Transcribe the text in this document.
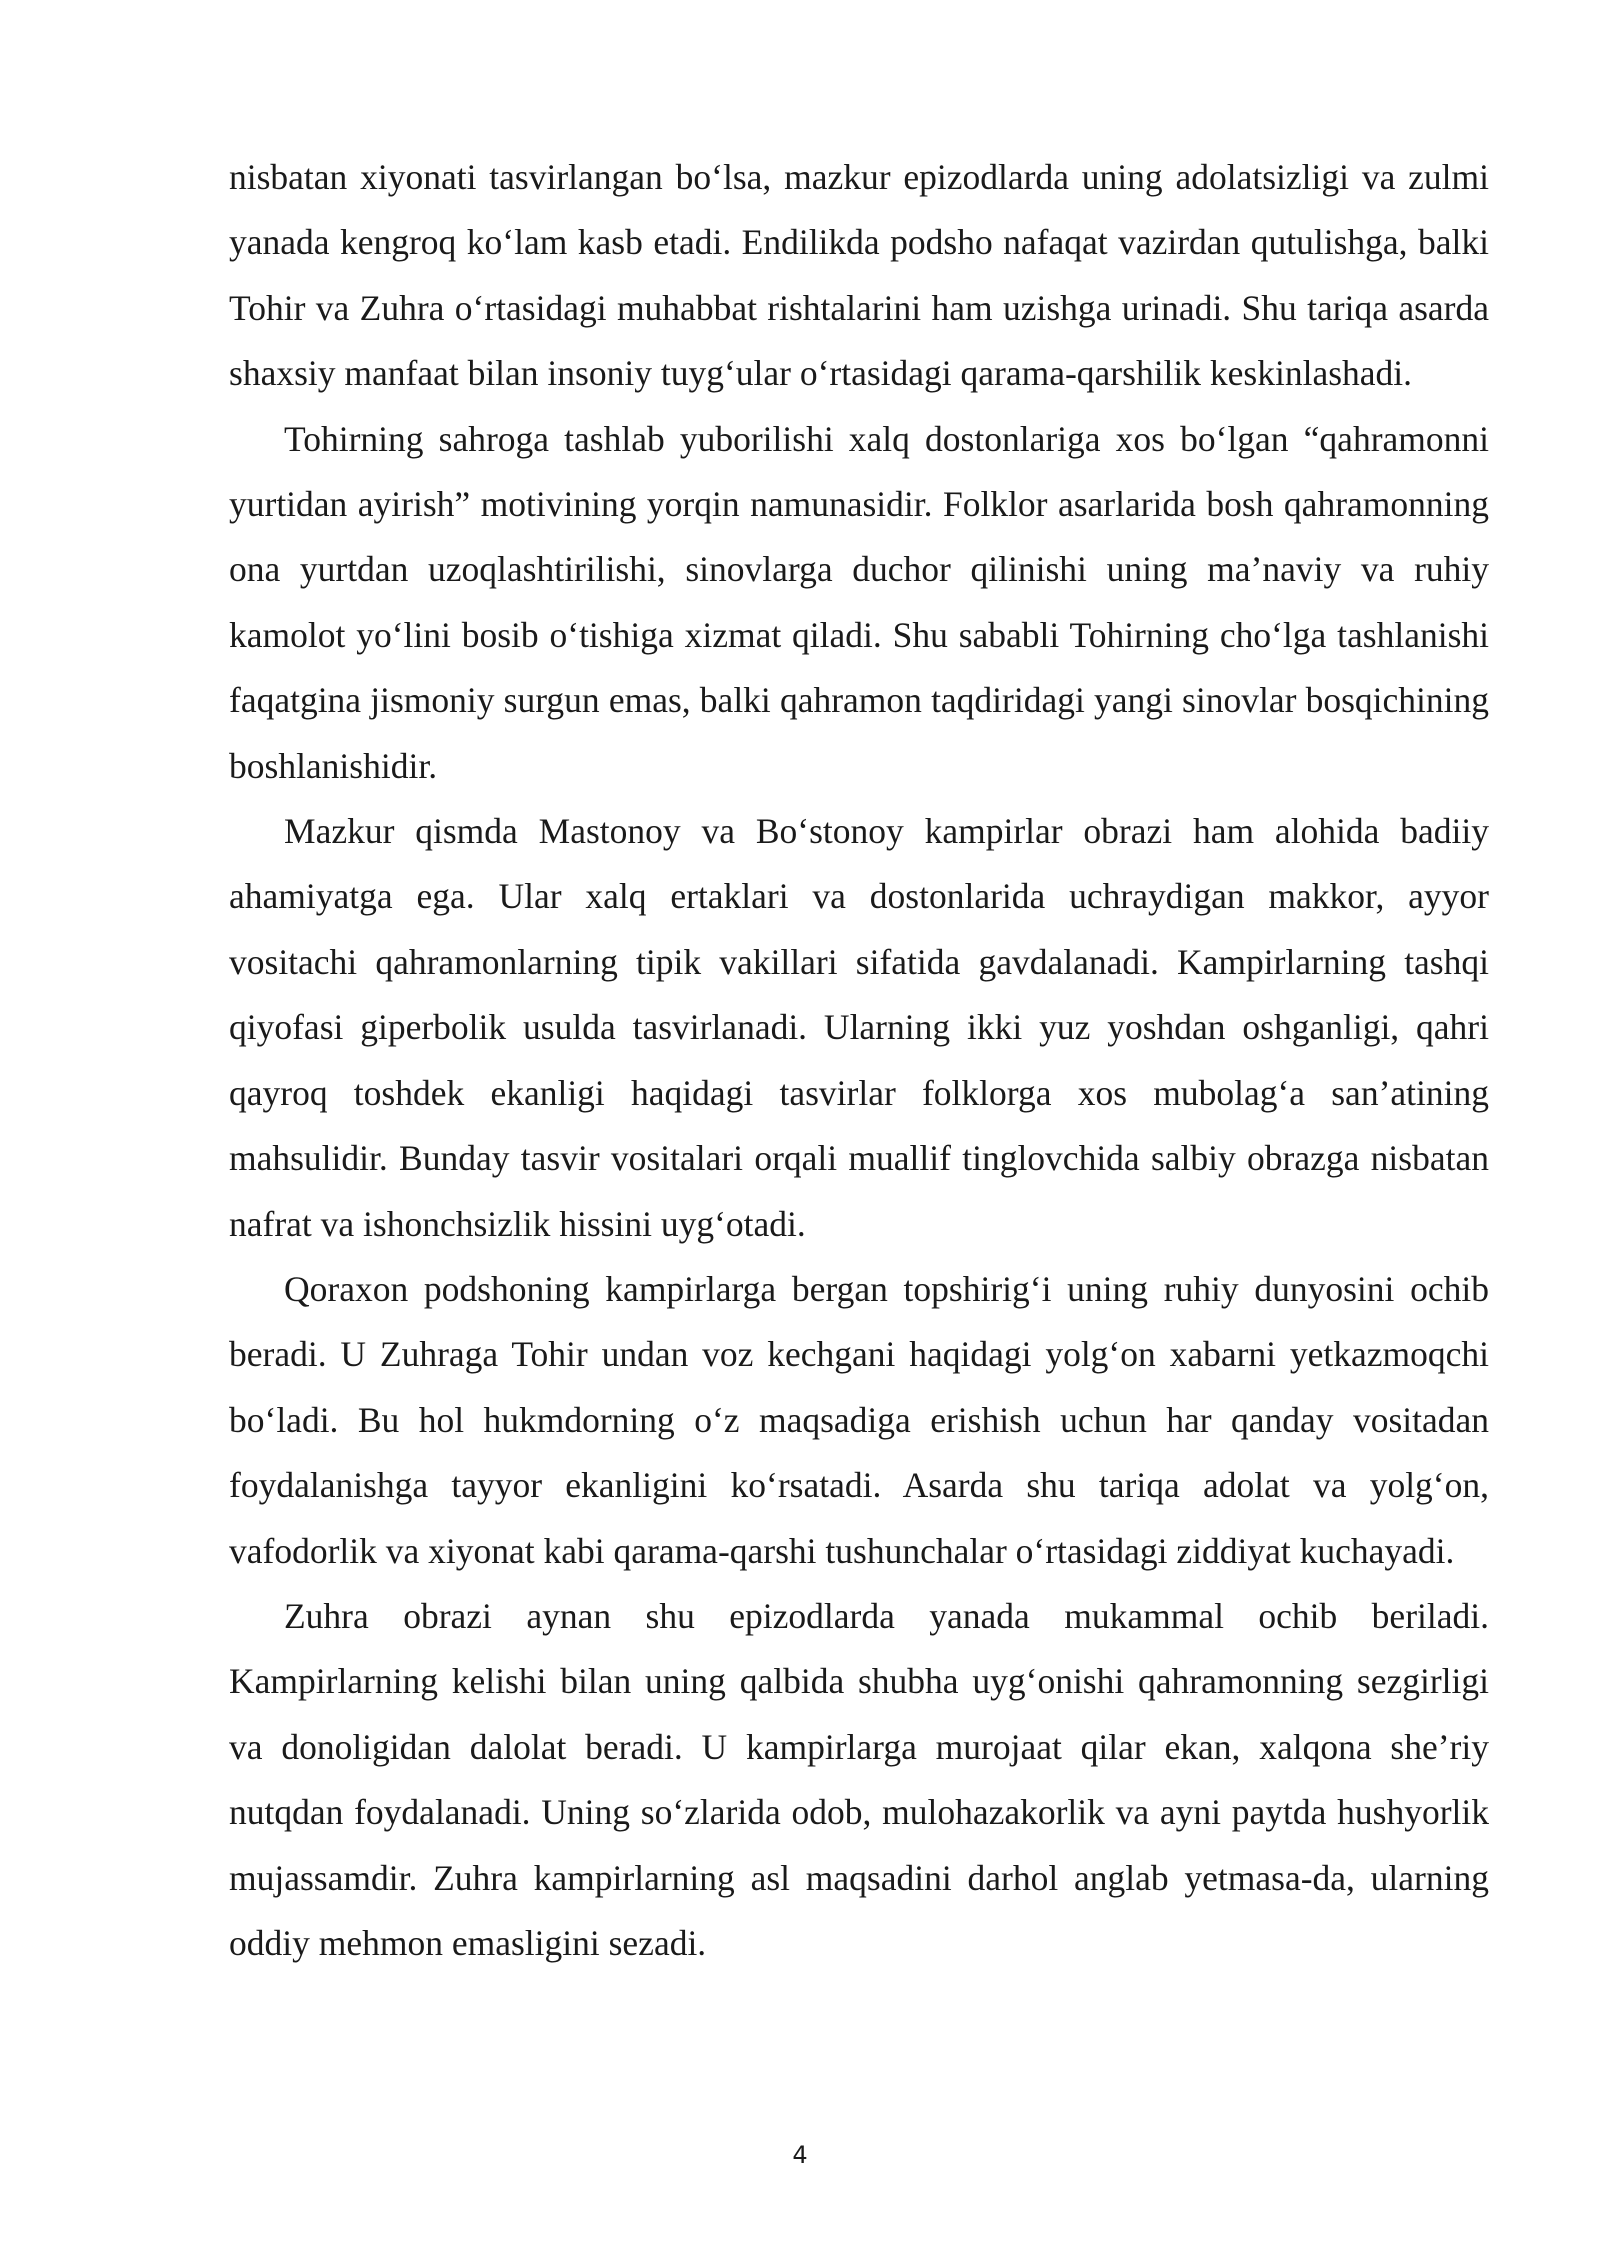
nisbatan xiyonati tasvirlangan bo‘lsa, mazkur epizodlarda uning adolatsizligi va zulmi yanada kengroq ko‘lam kasb etadi. Endilikda podsho nafaqat vazirdan qutulishga, balki Tohir va Zuhra o‘rtasidagi muhabbat rishtalarini ham uzishga urinadi. Shu tariqa asarda shaxsiy manfaat bilan insoniy tuyg‘ular o‘rtasidagi qarama-qarshilik keskinlashadi.

Tohirning sahroga tashlab yuborilishi xalq dostonlariga xos bo‘lgan “qahramonni yurtidan ayirish” motivining yorqin namunasidir. Folklor asarlarida bosh qahramonning ona yurtdan uzoqlashtirilishi, sinovlarga duchor qilinishi uning ma’naviy va ruhiy kamolot yo‘lini bosib o‘tishiga xizmat qiladi. Shu sababli Tohirning cho‘lga tashlanishi faqatgina jismoniy surgun emas, balki qahramon taqdiridagi yangi sinovlar bosqichining boshlanishidir.

Mazkur qismda Mastonoy va Bo‘stonoy kampirlar obrazi ham alohida badiiy ahamiyatga ega. Ular xalq ertaklari va dostonlarida uchraydigan makkor, ayyor vositachi qahramonlarning tipik vakillari sifatida gavdalanadi. Kampirlarning tashqi qiyofasi giperbolik usulda tasvirlanadi. Ularning ikki yuz yoshdan oshganligi, qahri qayroq toshdek ekanligi haqidagi tasvirlar folklorga xos mubolag‘a san’atining mahsulidir. Bunday tasvir vositalari orqali muallif tinglovchida salbiy obrazga nisbatan nafrat va ishonchsizlik hissini uyg‘otadi.

Qoraxon podshoning kampirlarga bergan topshirig‘i uning ruhiy dunyosini ochib beradi. U Zuhraga Tohir undan voz kechgani haqidagi yolg‘on xabarni yetkazmoqchi bo‘ladi. Bu hol hukmdorning o‘z maqsadiga erishish uchun har qanday vositadan foydalanishga tayyor ekanligini ko‘rsatadi. Asarda shu tariqa adolat va yolg‘on, vafodorlik va xiyonat kabi qarama-qarshi tushunchalar o‘rtasidagi ziddiyat kuchayadi.

Zuhra obrazi aynan shu epizodlarda yanada mukammal ochib beriladi. Kampirlarning kelishi bilan uning qalbida shubha uyg‘onishi qahramonning sezgirligi va donoligidan dalolat beradi. U kampirlarga murojaat qilar ekan, xalqona she’riy nutqdan foydalanadi. Uning so‘zlarida odob, mulohazakorlik va ayni paytda hushyorlik mujassamdir. Zuhra kampirlarning asl maqsadini darhol anglab yetmasa-da, ularning oddiy mehmon emasligini sezadi.

4
